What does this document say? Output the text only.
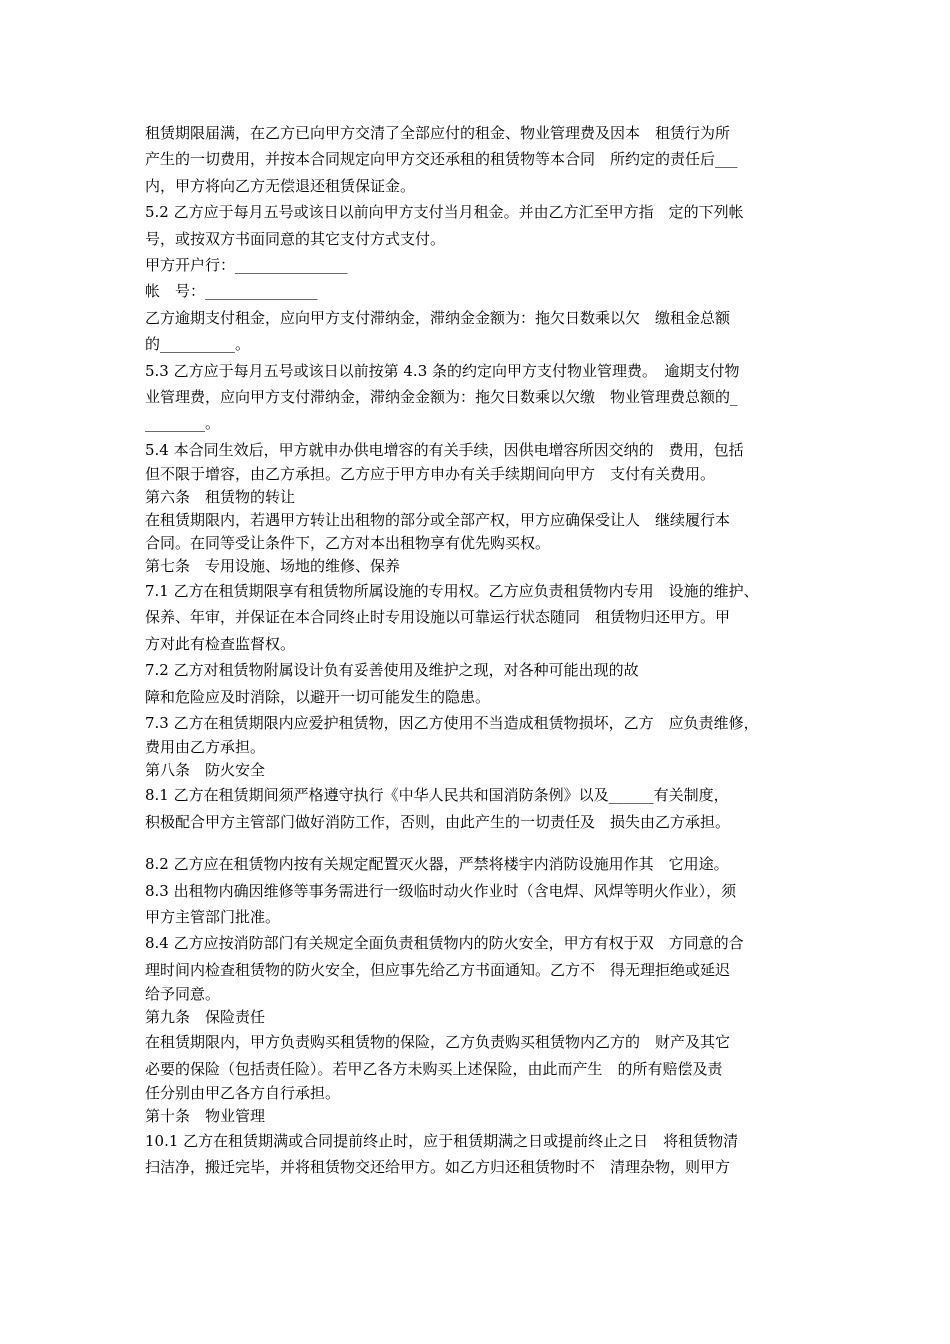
租赁期限届满，在乙方已向甲方交清了全部应付的租金、物业管理费及因本　租赁行为所
产生的一切费用，并按本合同规定向甲方交还承租的租赁物等本合同　所约定的责任后___
内，甲方将向乙方无偿退还租赁保证金。
5.2 乙方应于每月五号或该日以前向甲方支付当月租金。并由乙方汇至甲方指　定的下列帐
号，或按双方书面同意的其它支付方式支付。
甲方开户行：_______________
帐　号：_______________
乙方逾期支付租金，应向甲方支付滞纳金，滞纳金金额为：拖欠日数乘以欠　缴租金总额
的__________。
5.3 乙方应于每月五号或该日以前按第 4.3 条的约定向甲方支付物业管理费。　逾期支付物
业管理费，应向甲方支付滞纳金，滞纳金金额为：拖欠日数乘以欠缴　物业管理费总额的_
________。
5.4 本合同生效后，甲方就申办供电增容的有关手续，因供电增容所因交纳的　费用，包括
但不限于增容，由乙方承担。乙方应于甲方申办有关手续期间向甲方　支付有关费用。
第六条　租赁物的转让
在租赁期限内，若遇甲方转让出租物的部分或全部产权，甲方应确保受让人　继续履行本
合同。在同等受让条件下，乙方对本出租物享有优先购买权。
第七条　专用设施、场地的维修、保养
7.1 乙方在租赁期限享有租赁物所属设施的专用权。乙方应负责租赁物内专用　设施的维护、
保养、年审，并保证在本合同终止时专用设施以可靠运行状态随同　租赁物归还甲方。甲
方对此有检查监督权。
7.2 乙方对租赁物附属设计负有妥善使用及维护之现，对各种可能出现的故
障和危险应及时消除，以避开一切可能发生的隐患。
7.3 乙方在租赁期限内应爱护租赁物，因乙方使用不当造成租赁物损坏，乙方　应负责维修，
费用由乙方承担。
第八条　防火安全
8.1 乙方在租赁期间须严格遵守执行《中华人民共和国消防条例》以及______有关制度，
积极配合甲方主管部门做好消防工作，否则，由此产生的一切责任及　损失由乙方承担。
8.2 乙方应在租赁物内按有关规定配置灭火器，严禁将楼宇内消防设施用作其　它用途。
8.3 出租物内确因维修等事务需进行一级临时动火作业时（含电焊、风焊等明火作业），须
甲方主管部门批准。
8.4 乙方应按消防部门有关规定全面负责租赁物内的防火安全，甲方有权于双　方同意的合
理时间内检查租赁物的防火安全，但应事先给乙方书面通知。乙方不　得无理拒绝或延迟
给予同意。
第九条　保险责任
在租赁期限内，甲方负责购买租赁物的保险，乙方负责购买租赁物内乙方的　财产及其它
必要的保险（包括责任险）。若甲乙各方未购买上述保险，由此而产生　的所有赔偿及责
任分别由甲乙各方自行承担。
第十条　物业管理
10.1 乙方在租赁期满或合同提前终止时，应于租赁期满之日或提前终止之日　将租赁物清
扫洁净，搬迁完毕，并将租赁物交还给甲方。如乙方归还租赁物时不　清理杂物，则甲方
